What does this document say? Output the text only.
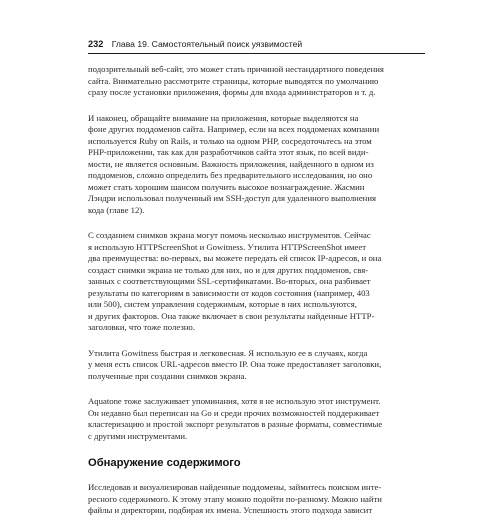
232 Глава 19. Самостоятельный поиск уязвимостей
подозрительный веб-сайт, это может стать причиной нестандартного поведения
сайта. Внимательно рассмотрите страницы, которые выводятся по умолчанию
сразу после установки приложения, формы для входа администраторов и т. д.
И наконец, обращайте внимание на приложения, которые выделяются на
фоне других поддоменов сайта. Например, если на всех поддоменах компании
используется Ruby on Rails, и только на одном PHP, сосредоточьтесь на этом
PHP-приложении, так как для разработчиков сайта этот язык, по всей види-
мости, не является основным. Важность приложения, найденного в одном из
поддоменов, сложно определить без предварительного исследования, но оно
может стать хорошим шансом получить высокое вознаграждение. Жасмин
Лэндри использовал полученный им SSH-доступ для удаленного выполнения
кода (главе 12).
С созданием снимков экрана могут помочь несколько инструментов. Сейчас
я использую HTTPScreenShot и Gowitness. Утилита HTTPScreenShot имеет
два преимущества: во-первых, вы можете передать ей список IP-адресов, и она
создаст снимки экрана не только для них, но и для других поддоменов, свя-
занных с соответствующими SSL-сертификатами. Во-вторых, она разбивает
результаты по категориям в зависимости от кодов состояния (например, 403
или 500), систем управления содержимым, которые в них используются,
и других факторов. Она также включает в свои результаты найденные HTTP-
заголовки, что тоже полезно.
Утилита Gowitness быстрая и легковесная. Я использую ее в случаях, когда
у меня есть список URL-адресов вместо IP. Она тоже предоставляет заголовки,
полученные при создании снимков экрана.
Aquatone тоже заслуживает упоминания, хотя я не использую этот инструмент.
Он недавно был переписан на Go и среди прочих возможностей поддерживает
кластеризацию и простой экспорт результатов в разные форматы, совместимые
с другими инструментами.
Обнаружение содержимого
Исследовав и визуализировав найденные поддомены, займитесь поиском инте-
ресного содержимого. К этому этапу можно подойти по-разному. Можно найти
файлы и директории, подбирая их имена. Успешность этого подхода зависит
